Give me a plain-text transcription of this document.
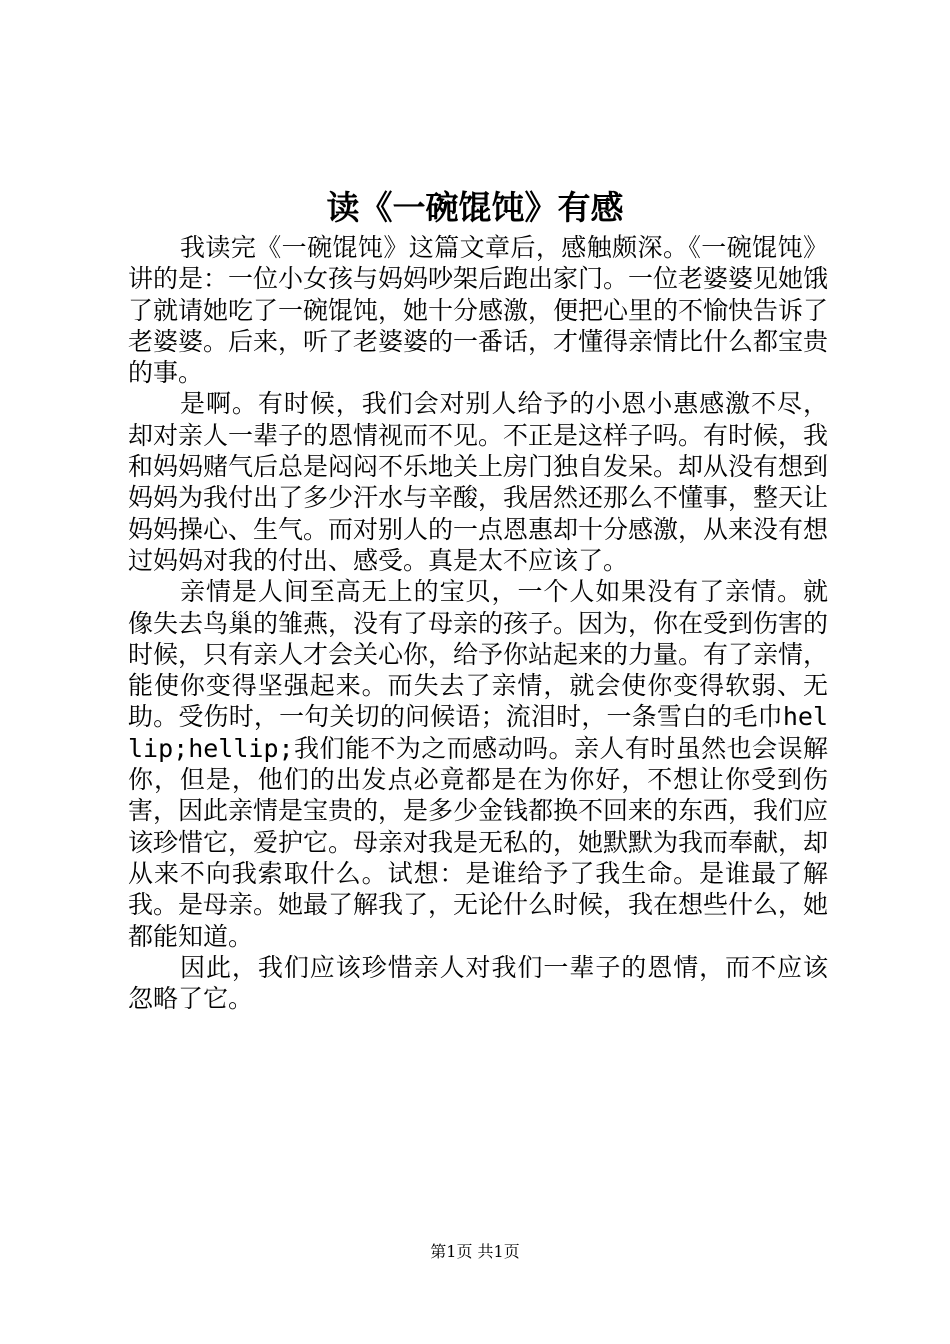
读《一碗馄饨》有感

我读完《一碗馄饨》这篇文章后，感触颇深。《一碗馄饨》讲的是：一位小女孩与妈妈吵架后跑出家门。一位老婆婆见她饿了就请她吃了一碗馄饨，她十分感激，便把心里的不愉快告诉了老婆婆。后来，听了老婆婆的一番话，才懂得亲情比什么都宝贵的事。

是啊。有时候，我们会对别人给予的小恩小惠感激不尽，却对亲人一辈子的恩情视而不见。不正是这样子吗。有时候，我和妈妈赌气后总是闷闷不乐地关上房门独自发呆。却从没有想到妈妈为我付出了多少汗水与辛酸，我居然还那么不懂事，整天让妈妈操心、生气。而对别人的一点恩惠却十分感激，从来没有想过妈妈对我的付出、感受。真是太不应该了。

亲情是人间至高无上的宝贝，一个人如果没有了亲情。就像失去鸟巢的雏燕，没有了母亲的孩子。因为，你在受到伤害的时候，只有亲人才会关心你，给予你站起来的力量。有了亲情，能使你变得坚强起来。而失去了亲情，就会使你变得软弱、无助。受伤时，一句关切的问候语；流泪时，一条雪白的毛巾hellip;hellip;我们能不为之而感动吗。亲人有时虽然也会误解你，但是，他们的出发点必竟都是在为你好，不想让你受到伤害，因此亲情是宝贵的，是多少金钱都换不回来的东西，我们应该珍惜它，爱护它。母亲对我是无私的，她默默为我而奉献，却从来不向我索取什么。试想：是谁给予了我生命。是谁最了解我。是母亲。她最了解我了，无论什么时候，我在想些什么，她都能知道。

因此，我们应该珍惜亲人对我们一辈子的恩情，而不应该忽略了它。

第1页 共1页
